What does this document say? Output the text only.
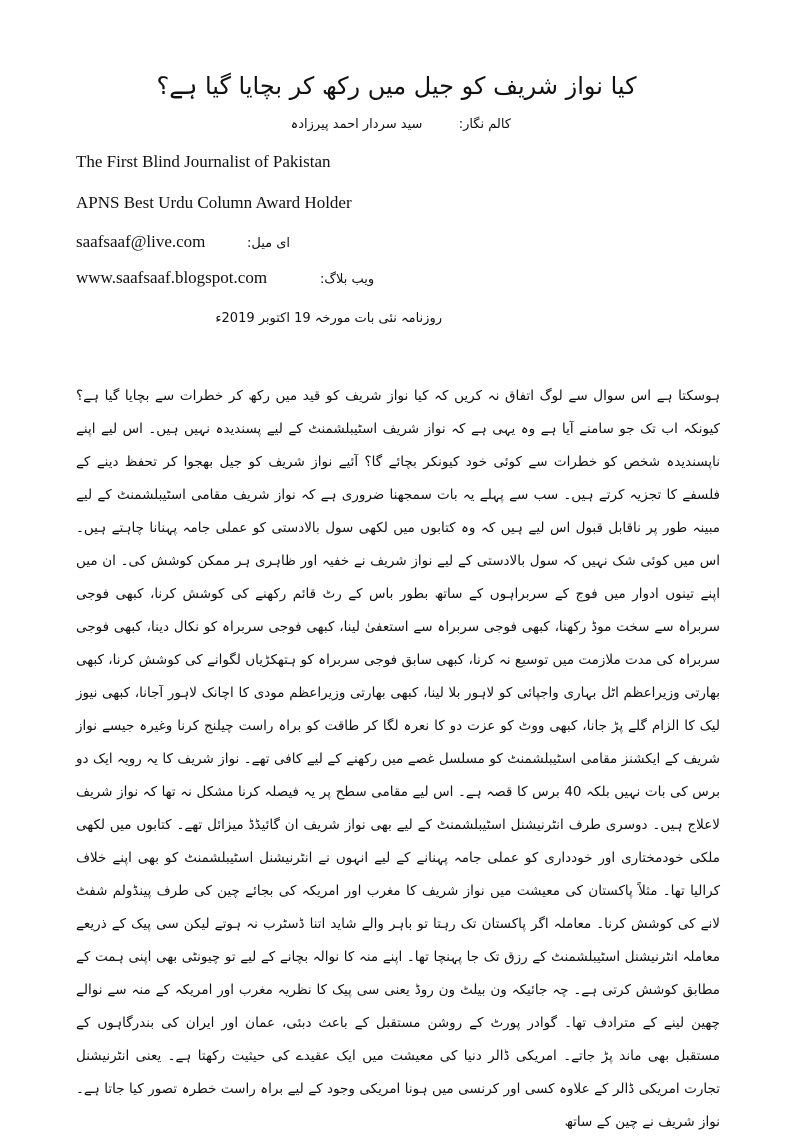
کیا نواز شریف کو جیل میں رکھ کر بچایا گیا ہے؟
کالم نگار:  سید سردار احمد پیرزادہ
The First Blind Journalist of Pakistan
APNS Best Urdu Column Award Holder
saafsaaf@live.com	ای میل:
www.saafsaaf.blogspot.com	ویب بلاگ:
روزنامہ نئی بات مورخہ 19 اکتوبر 2019ء

ہوسکتا ہے اس سوال سے لوگ اتفاق نہ کریں کہ کیا نواز شریف کو قید میں رکھ کر خطرات سے بچایا گیا ہے؟ کیونکہ اب تک جو سامنے آیا ہے وہ یہی ہے کہ نواز شریف اسٹیبلشمنٹ کے لیے پسندیدہ نہیں ہیں۔ اس لیے اپنے ناپسندیدہ شخص کو خطرات سے کوئی خود کیونکر بچائے گا؟ آئیے نواز شریف کو جیل بھجوا کر تحفظ دینے کے فلسفے کا تجزیہ کرتے ہیں۔ سب سے پہلے یہ بات سمجھنا ضروری ہے کہ نواز شریف مقامی اسٹیبلشمنٹ کے لیے مبینہ طور پر ناقابل قبول اس لیے ہیں کہ وہ کتابوں میں لکھی سول بالادستی کو عملی جامہ پہنانا چاہتے ہیں۔ اس میں کوئی شک نہیں کہ سول بالادستی کے لیے نواز شریف نے خفیہ اور ظاہری ہر ممکن کوشش کی۔ ان میں اپنے تینوں ادوار میں فوج کے سربراہوں کے ساتھ بطور باس کے رٹ قائم رکھنے کی کوشش کرنا، کبھی فوجی سربراہ سے سخت موڈ رکھنا، کبھی فوجی سربراہ سے استعفیٰ لینا، کبھی فوجی سربراہ کو نکال دینا، کبھی فوجی سربراہ کی مدت ملازمت میں توسیع نہ کرنا، کبھی سابق فوجی سربراہ کو ہتھکڑیاں لگوانے کی کوشش کرنا، کبھی بھارتی وزیراعظم اٹل بہاری واجپائی کو لاہور بلا لینا، کبھی بھارتی وزیراعظم مودی کا اچانک لاہور آجانا، کبھی نیوز لیک کا الزام گلے پڑ جانا، کبھی ووٹ کو عزت دو کا نعرہ لگا کر طاقت کو براہ راست چیلنج کرنا وغیرہ جیسے نواز شریف کے ایکشنز مقامی اسٹیبلشمنٹ کو مسلسل غصے میں رکھنے کے لیے کافی تھے۔ نواز شریف کا یہ رویہ ایک دو برس کی بات نہیں بلکہ 40 برس کا قصہ ہے۔ اس لیے مقامی سطح پر یہ فیصلہ کرنا مشکل نہ تھا کہ نواز شریف لاعلاج ہیں۔ دوسری طرف انٹرنیشنل اسٹیبلشمنٹ کے لیے بھی نواز شریف ان گائیڈڈ میزائل تھے۔ کتابوں میں لکھی ملکی خودمختاری اور خودداری کو عملی جامہ پہنانے کے لیے انہوں نے انٹرنیشنل اسٹیبلشمنٹ کو بھی اپنے خلاف کرالیا تھا۔ مثلاً پاکستان کی معیشت میں نواز شریف کا مغرب اور امریکہ کی بجائے چین کی طرف پینڈولم شفٹ لانے کی کوشش کرنا۔ معاملہ اگر پاکستان تک رہتا تو باہر والے شاید اتنا ڈسٹرب نہ ہوتے لیکن سی پیک کے ذریعے معاملہ انٹرنیشنل اسٹیبلشمنٹ کے رزق تک جا پہنچا تھا۔ اپنے منہ کا نوالہ بچانے کے لیے تو چیونٹی بھی اپنی ہمت کے مطابق کوشش کرتی ہے۔ چہ جائیکہ ون بیلٹ ون روڈ یعنی سی پیک کا نظریہ مغرب اور امریکہ کے منہ سے نوالے چھین لینے کے مترادف تھا۔ گوادر پورٹ کے روشن مستقبل کے باعث دبئی، عمان اور ایران کی بندرگاہوں کے مستقبل بھی ماند پڑ جاتے۔ امریکی ڈالر دنیا کی معیشت میں ایک عقیدے کی حیثیت رکھتا ہے۔ یعنی انٹرنیشنل تجارت امریکی ڈالر کے علاوہ کسی اور کرنسی میں ہونا امریکی وجود کے لیے براہ راست خطرہ تصور کیا جاتا ہے۔ نواز شریف نے چین کے ساتھ
